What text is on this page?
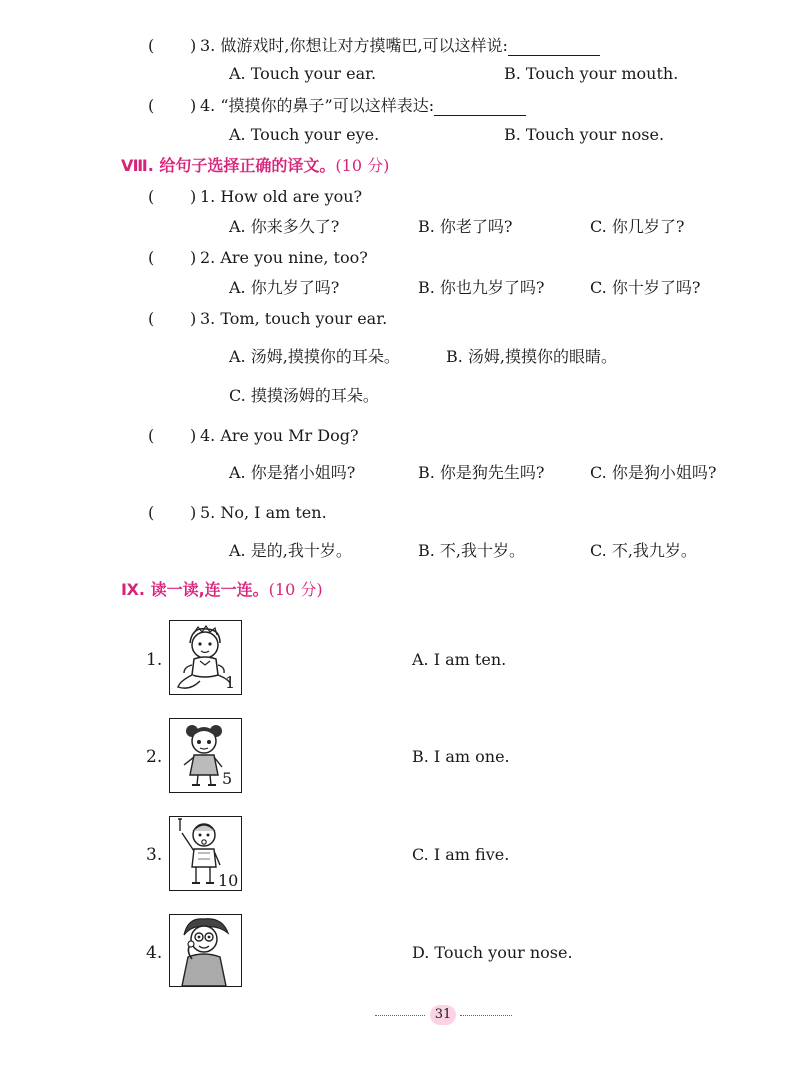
( ) 3. 做游戏时,你想让对方摸嘴巴,可以这样说:
A. Touch your ear.	B. Touch your mouth.
( ) 4. “摸摸你的鼻子”可以这样表达:
A. Touch your eye.	B. Touch your nose.
Ⅷ. 给句子选择正确的译文。(10 分)
( ) 1. How old are you?
A. 你来多久了?	B. 你老了吗?	C. 你几岁了?
( ) 2. Are you nine, too?
A. 你九岁了吗?	B. 你也九岁了吗?	C. 你十岁了吗?
( ) 3. Tom, touch your ear.
A. 汤姆,摸摸你的耳朵。	B. 汤姆,摸摸你的眼睛。
C. 摸摸汤姆的耳朵。
( ) 4. Are you Mr Dog?
A. 你是猪小姐吗?	B. 你是狗先生吗?	C. 你是狗小姐吗?
( ) 5. No, I am ten.
A. 是的,我十岁。	B. 不,我十岁。	C. 不,我九岁。
Ⅸ. 读一读,连一连。(10 分)
1.
1
2.
5
3.
10
4.
A. I am ten.
B. I am one.
C. I am five.
D. Touch your nose.
31
